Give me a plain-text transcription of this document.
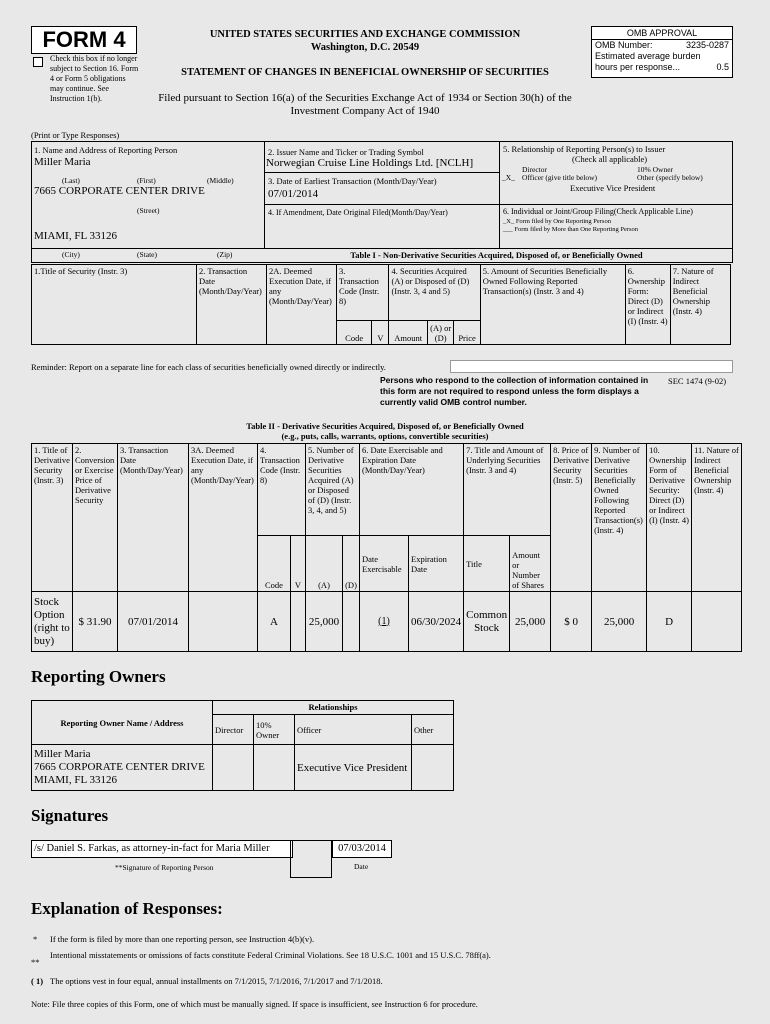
FORM 4
Check this box if no longer subject to Section 16. Form 4 or Form 5 obligations may continue. See Instruction 1(b).
UNITED STATES SECURITIES AND EXCHANGE COMMISSION
Washington, D.C. 20549
STATEMENT OF CHANGES IN BENEFICIAL OWNERSHIP OF SECURITIES
Filed pursuant to Section 16(a) of the Securities Exchange Act of 1934 or Section 30(h) of the Investment Company Act of 1940
OMB APPROVAL
OMB Number:	3235-0287
Estimated average burden
hours per response...	0.5
(Print or Type Responses)
1. Name and Address of Reporting Person
Miller Maria
(Last)	(First)	(Middle)
7665 CORPORATE CENTER DRIVE
(Street)
MIAMI, FL 33126
(City)	(State)	(Zip)
2. Issuer Name and Ticker or Trading Symbol
Norwegian Cruise Line Holdings Ltd. [NCLH]
3. Date of Earliest Transaction (Month/Day/Year)
07/01/2014
4. If Amendment, Date Original Filed(Month/Day/Year)
5. Relationship of Reporting Person(s) to Issuer
(Check all applicable)
Director	10% Owner
_X_ Officer (give title below)	Other (specify below)
Executive Vice President
6. Individual or Joint/Group Filing(Check Applicable Line)
_X_ Form filed by One Reporting Person
___ Form filed by More than One Reporting Person
Table I - Non-Derivative Securities Acquired, Disposed of, or Beneficially Owned
1.Title of Security (Instr. 3)	2. Transaction Date (Month/Day/Year)	2A. Deemed Execution Date, if any (Month/Day/Year)	3. Transaction Code (Instr. 8)		4. Securities Acquired (A) or Disposed of (D) (Instr. 3, 4 and 5)			5. Amount of Securities Beneficially Owned Following Reported Transaction(s) (Instr. 3 and 4)	6. Ownership Form: Direct (D) or Indirect (I) (Instr. 4)	7. Nature of Indirect Beneficial Ownership (Instr. 4)
			Code	V	Amount	(A) or (D)	Price			
Reminder: Report on a separate line for each class of securities beneficially owned directly or indirectly.
Persons who respond to the collection of information contained in this form are not required to respond unless the form displays a currently valid OMB control number.
SEC 1474 (9-02)
Table II - Derivative Securities Acquired, Disposed of, or Beneficially Owned
(e.g., puts, calls, warrants, options, convertible securities)
1. Title of Derivative Security (Instr. 3)	2. Conversion or Exercise Price of Derivative Security	3. Transaction Date (Month/Day/Year)	3A. Deemed Execution Date, if any (Month/Day/Year)	4. Transaction Code (Instr. 8)		5. Number of Derivative Securities Acquired (A) or Disposed of (D) (Instr. 3, 4, and 5)		6. Date Exercisable and Expiration Date (Month/Day/Year)		7. Title and Amount of Underlying Securities (Instr. 3 and 4)		8. Price of Derivative Security (Instr. 5)	9. Number of Derivative Securities Beneficially Owned Following Reported Transaction(s) (Instr. 4)	10. Ownership Form of Derivative Security: Direct (D) or Indirect (I) (Instr. 4)	11. Nature of Indirect Beneficial Ownership (Instr. 4)
				Code	V	(A)	(D)	Date Exercisable	Expiration Date	Title	Amount or Number of Shares				
Stock Option (right to buy)	$ 31.90	07/01/2014		A		25,000		(1)	06/30/2024	Common Stock	25,000	$ 0	25,000	D	
Reporting Owners
Reporting Owner Name / Address	Relationships			
	Director	10% Owner	Officer	Other

Miller Maria
7665 CORPORATE CENTER DRIVE
MIAMI, FL 33126			Executive Vice President	
Signatures
/s/ Daniel S. Farkas, as attorney-in-fact for Maria Miller	07/03/2014
**Signature of Reporting Person	Date
Explanation of Responses:
* If the form is filed by more than one reporting person, see Instruction 4(b)(v).
**
Intentional misstatements or omissions of facts constitute Federal Criminal Violations. See 18 U.S.C. 1001 and 15 U.S.C. 78ff(a).
( 1) The options vest in four equal, annual installments on 7/1/2015, 7/1/2016, 7/1/2017 and 7/1/2018.
Note: File three copies of this Form, one of which must be manually signed. If space is insufficient, see Instruction 6 for procedure.
